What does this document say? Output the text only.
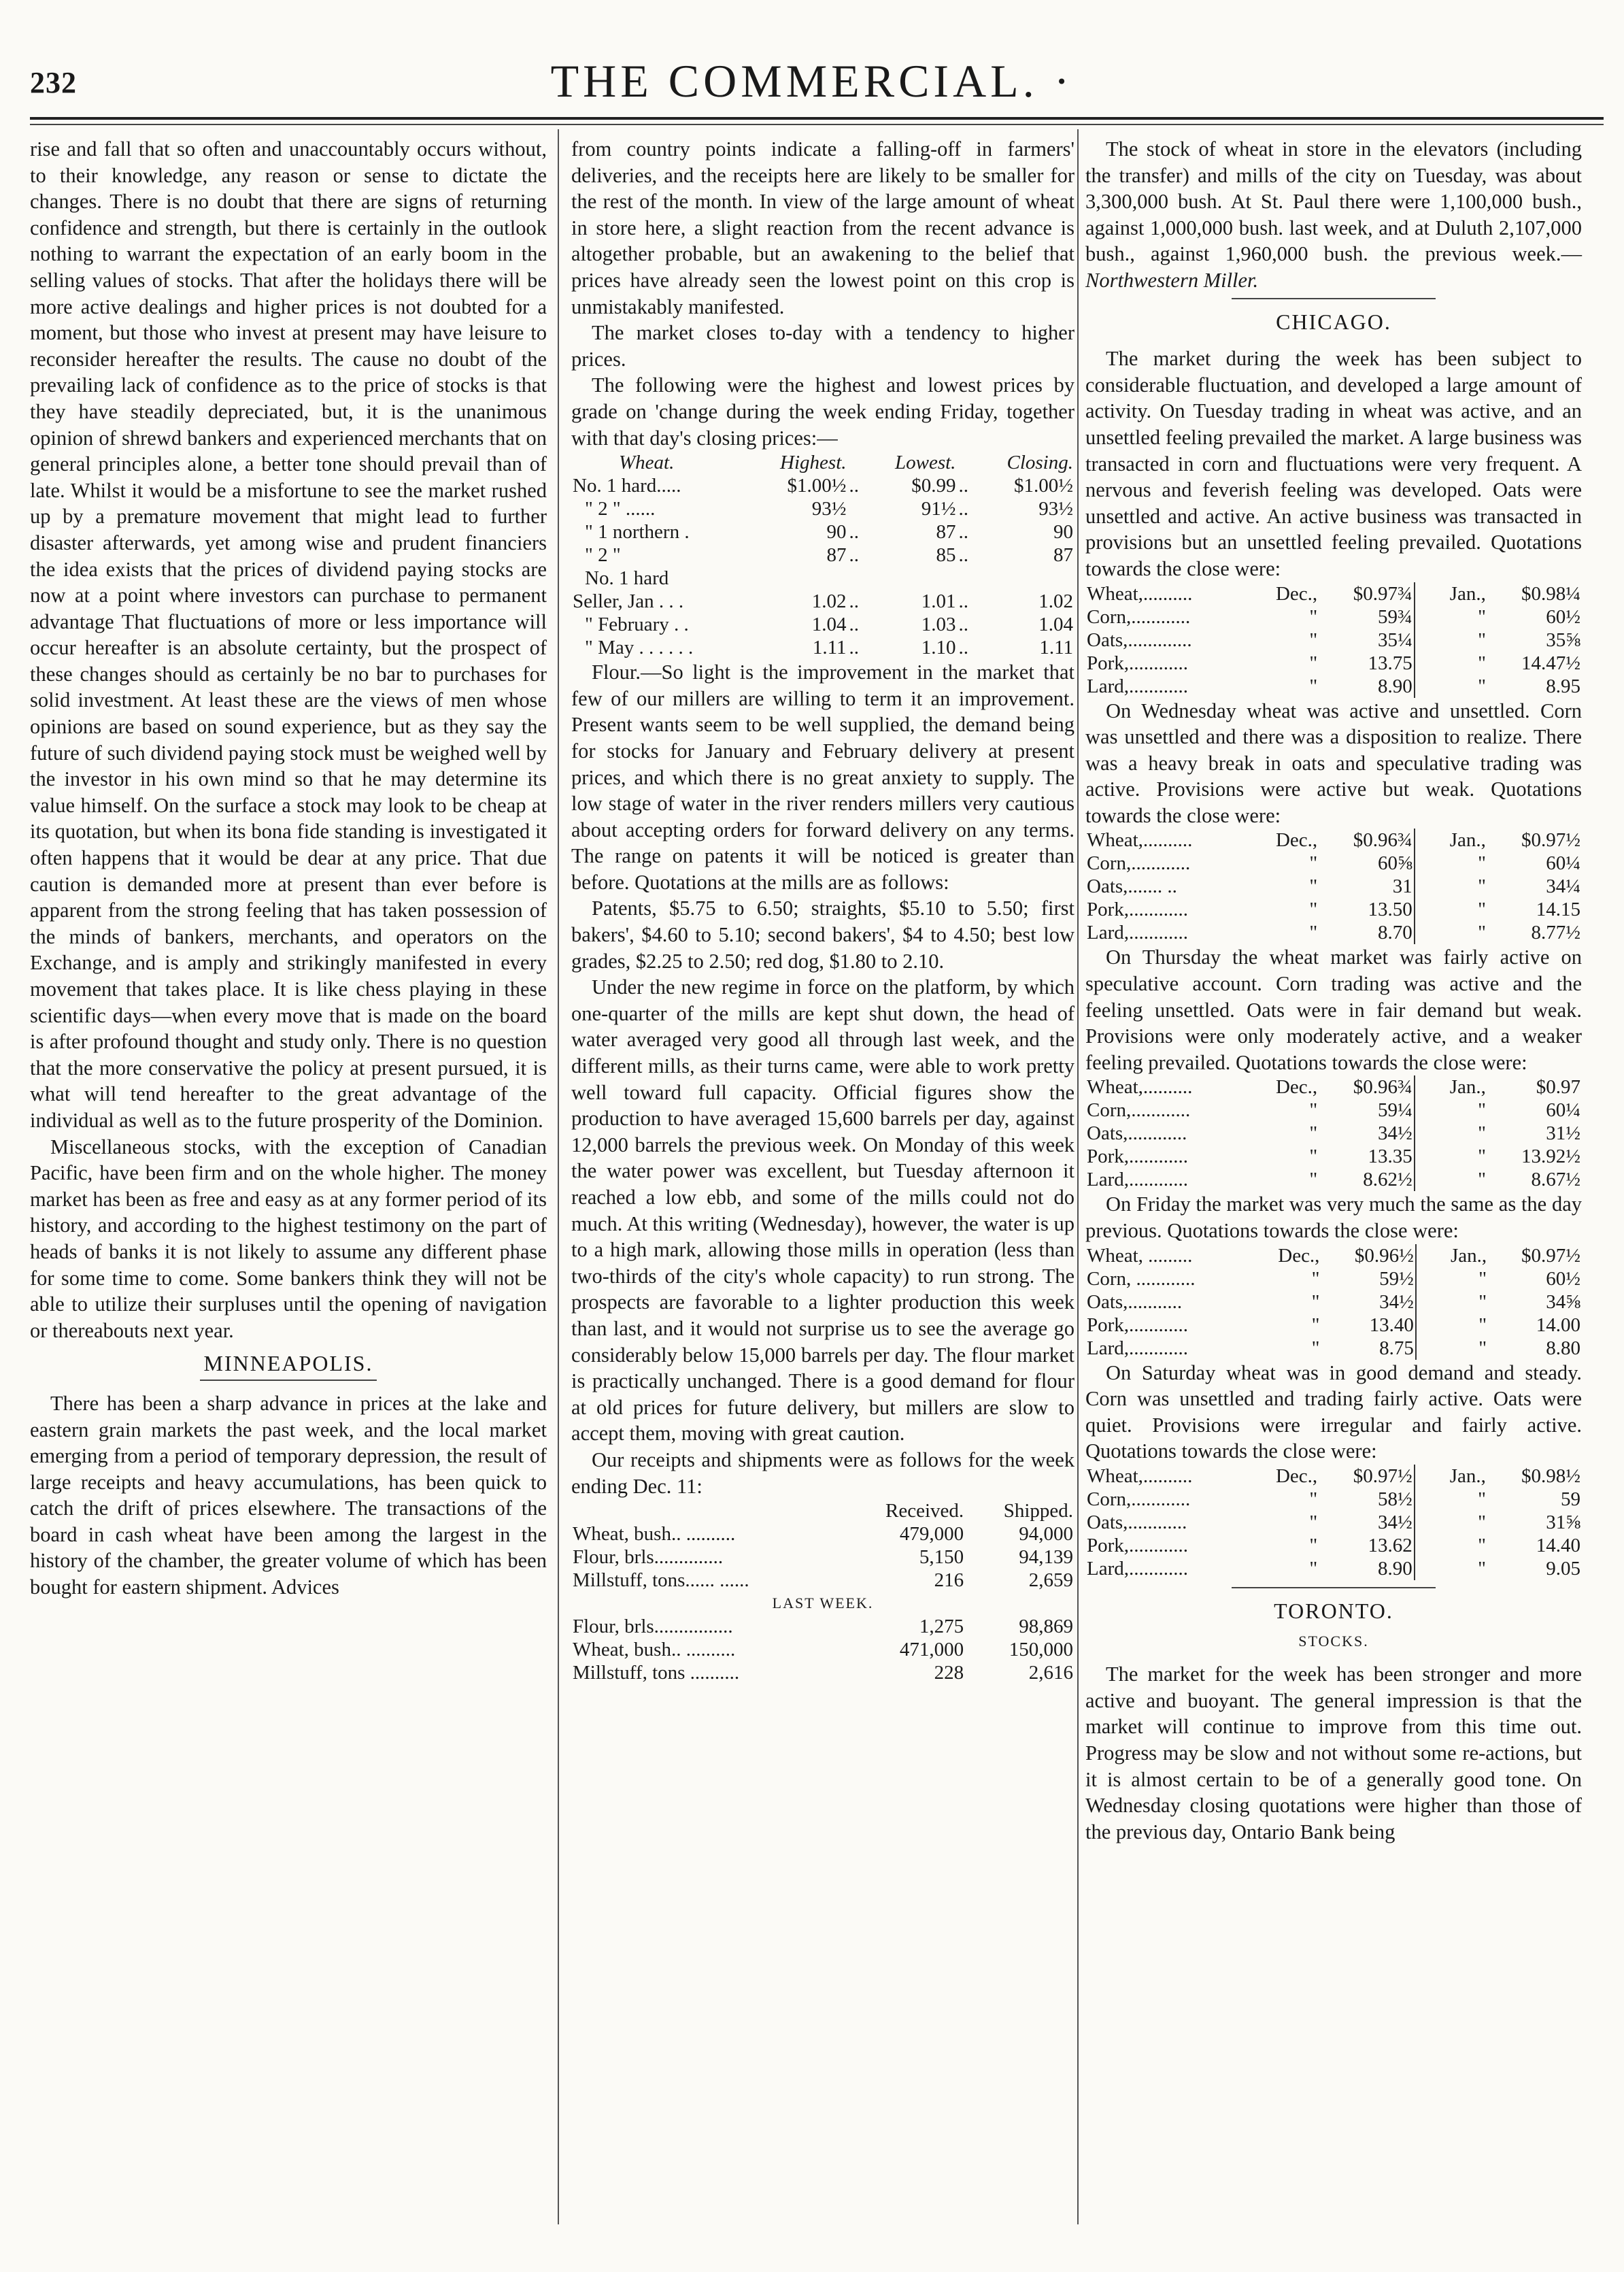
232	THE COMMERCIAL. ·

rise and fall that so often and unaccountably occurs without, to their knowledge, any reason or sense to dictate the changes. There is no doubt that there are signs of returning confidence and strength, but there is certainly in the outlook nothing to warrant the expectation of an early boom in the selling values of stocks. That after the holidays there will be more active dealings and higher prices is not doubted for a moment, but those who invest at present may have leisure to reconsider hereafter the results. The cause no doubt of the prevailing lack of confidence as to the price of stocks is that they have steadily depreciated, but, it is the unanimous opinion of shrewd bankers and experienced merchants that on general principles alone, a better tone should prevail than of late. Whilst it would be a misfortune to see the market rushed up by a premature movement that might lead to further disaster afterwards, yet among wise and prudent financiers the idea exists that the prices of dividend paying stocks are now at a point where investors can purchase to permanent advantage That fluctuations of more or less importance will occur hereafter is an absolute certainty, but the prospect of these changes should as certainly be no bar to purchases for solid investment. At least these are the views of men whose opinions are based on sound experience, but as they say the future of such dividend paying stock must be weighed well by the investor in his own mind so that he may determine its value himself. On the surface a stock may look to be cheap at its quotation, but when its bona fide standing is investigated it often happens that it would be dear at any price. That due caution is demanded more at present than ever before is apparent from the strong feeling that has taken possession of the minds of bankers, merchants, and operators on the Exchange, and is amply and strikingly manifested in every movement that takes place. It is like chess playing in these scientific days—when every move that is made on the board is after profound thought and study only. There is no question that the more conservative the policy at present pursued, it is what will tend hereafter to the great advantage of the individual as well as to the future prosperity of the Dominion.

Miscellaneous stocks, with the exception of Canadian Pacific, have been firm and on the whole higher. The money market has been as free and easy as at any former period of its history, and according to the highest testimony on the part of heads of banks it is not likely to assume any different phase for some time to come. Some bankers think they will not be able to utilize their surpluses until the opening of navigation or thereabouts next year.

MINNEAPOLIS.

There has been a sharp advance in prices at the lake and eastern grain markets the past week, and the local market emerging from a period of temporary depression, the result of large receipts and heavy accumulations, has been quick to catch the drift of prices elsewhere. The transactions of the board in cash wheat have been among the largest in the history of the chamber, the greater volume of which has been bought for eastern shipment. Advices

from country points indicate a falling-off in farmers' deliveries, and the receipts here are likely to be smaller for the rest of the month. In view of the large amount of wheat in store here, a slight reaction from the recent advance is altogether probable, but an awakening to the belief that prices have already seen the lowest point on this crop is unmistakably manifested.

The market closes to-day with a tendency to higher prices.

The following were the highest and lowest prices by grade on 'change during the week ending Friday, together with that day's closing prices:—

Wheat.	Highest.		Lowest.		Closing.
No. 1 hard.....	$1.00½	..	$0.99	..	$1.00½
" 2 " ......	93½		91½	..	93½
" 1 northern .	90	..	87	..	90
" 2 "	87	..	85	..	87
No. 1 hard					
Seller, Jan . . .	1.02	..	1.01	..	1.02
" February . .	1.04	..	1.03	..	1.04
" May . . . . . .	1.11	..	1.10	..	1.11

Flour.—So light is the improvement in the market that few of our millers are willing to term it an improvement. Present wants seem to be well supplied, the demand being for stocks for January and February delivery at present prices, and which there is no great anxiety to supply. The low stage of water in the river renders millers very cautious about accepting orders for forward delivery on any terms. The range on patents it will be noticed is greater than before. Quotations at the mills are as follows:

Patents, $5.75 to 6.50; straights, $5.10 to 5.50; first bakers', $4.60 to 5.10; second bakers', $4 to 4.50; best low grades, $2.25 to 2.50; red dog, $1.80 to 2.10.

Under the new regime in force on the platform, by which one-quarter of the mills are kept shut down, the head of water averaged very good all through last week, and the different mills, as their turns came, were able to work pretty well toward full capacity. Official figures show the production to have averaged 15,600 barrels per day, against 12,000 barrels the previous week. On Monday of this week the water power was excellent, but Tuesday afternoon it reached a low ebb, and some of the mills could not do much. At this writing (Wednesday), however, the water is up to a high mark, allowing those mills in operation (less than two-thirds of the city's whole capacity) to run strong. The prospects are favorable to a lighter production this week than last, and it would not surprise us to see the average go considerably below 15,000 barrels per day. The flour market is practically unchanged. There is a good demand for flour at old prices for future delivery, but millers are slow to accept them, moving with great caution.

Our receipts and shipments were as follows for the week ending Dec. 11:

	Received.	Shipped.
Wheat, bush.. ..........	479,000	94,000
Flour, brls..............	5,150	94,139
Millstuff, tons...... ......	216	2,659
LAST WEEK.		
Flour, brls................	1,275	98,869
Wheat, bush.. ..........	471,000	150,000
Millstuff, tons ..........	228	2,616

The stock of wheat in store in the elevators (including the transfer) and mills of the city on Tuesday, was about 3,300,000 bush. At St. Paul there were 1,100,000 bush., against 1,000,000 bush. last week, and at Duluth 2,107,000 bush., against 1,960,000 bush. the previous week.—Northwestern Miller.

CHICAGO.

The market during the week has been subject to considerable fluctuation, and developed a large amount of activity. On Tuesday trading in wheat was active, and an unsettled feeling prevailed the market. A large business was transacted in corn and fluctuations were very frequent. A nervous and feverish feeling was developed. Oats were unsettled and active. An active business was transacted in provisions but an unsettled feeling prevailed. Quotations towards the close were:

Wheat,..........	Dec.,	$0.97¾	Jan.,	$0.98¼
Corn,............	"	59¾	"	60½
Oats,.............	"	35¼	"	35⅝
Pork,............	"	13.75	"	14.47½
Lard,............	"	8.90	"	8.95

On Wednesday wheat was active and unsettled. Corn was unsettled and there was a disposition to realize. There was a heavy break in oats and speculative trading was active. Provisions were active but weak. Quotations towards the close were:

Wheat,..........	Dec.,	$0.96¾	Jan.,	$0.97½
Corn,............	"	60⅝	"	60¼
Oats,....... ..	"	31	"	34¼
Pork,............	"	13.50	"	14.15
Lard,............	"	8.70	"	8.77½

On Thursday the wheat market was fairly active on speculative account. Corn trading was active and the feeling unsettled. Oats were in fair demand but weak. Provisions were only moderately active, and a weaker feeling prevailed. Quotations towards the close were:

Wheat,..........	Dec.,	$0.96¾	Jan.,	$0.97
Corn,............	"	59¼	"	60¼
Oats,............	"	34½	"	31½
Pork,............	"	13.35	"	13.92½
Lard,............	"	8.62½	"	8.67½

On Friday the market was very much the same as the day previous. Quotations towards the close were:

Wheat, .........	Dec.,	$0.96½	Jan.,	$0.97½
Corn, ............	"	59½	"	60½
Oats,...........	"	34½	"	34⅝
Pork,............	"	13.40	"	14.00
Lard,............	"	8.75	"	8.80

On Saturday wheat was in good demand and steady. Corn was unsettled and trading fairly active. Oats were quiet. Provisions were irregular and fairly active. Quotations towards the close were:

Wheat,..........	Dec.,	$0.97½	Jan.,	$0.98½
Corn,............	"	58½	"	59
Oats,............	"	34½	"	31⅝
Pork,............	"	13.62	"	14.40
Lard,............	"	8.90	"	9.05
TORONTO.
STOCKS.

The market for the week has been stronger and more active and buoyant. The general impression is that the market will continue to improve from this time out. Progress may be slow and not without some re-actions, but it is almost certain to be of a generally good tone. On Wednesday closing quotations were higher than those of the previous day, Ontario Bank being
